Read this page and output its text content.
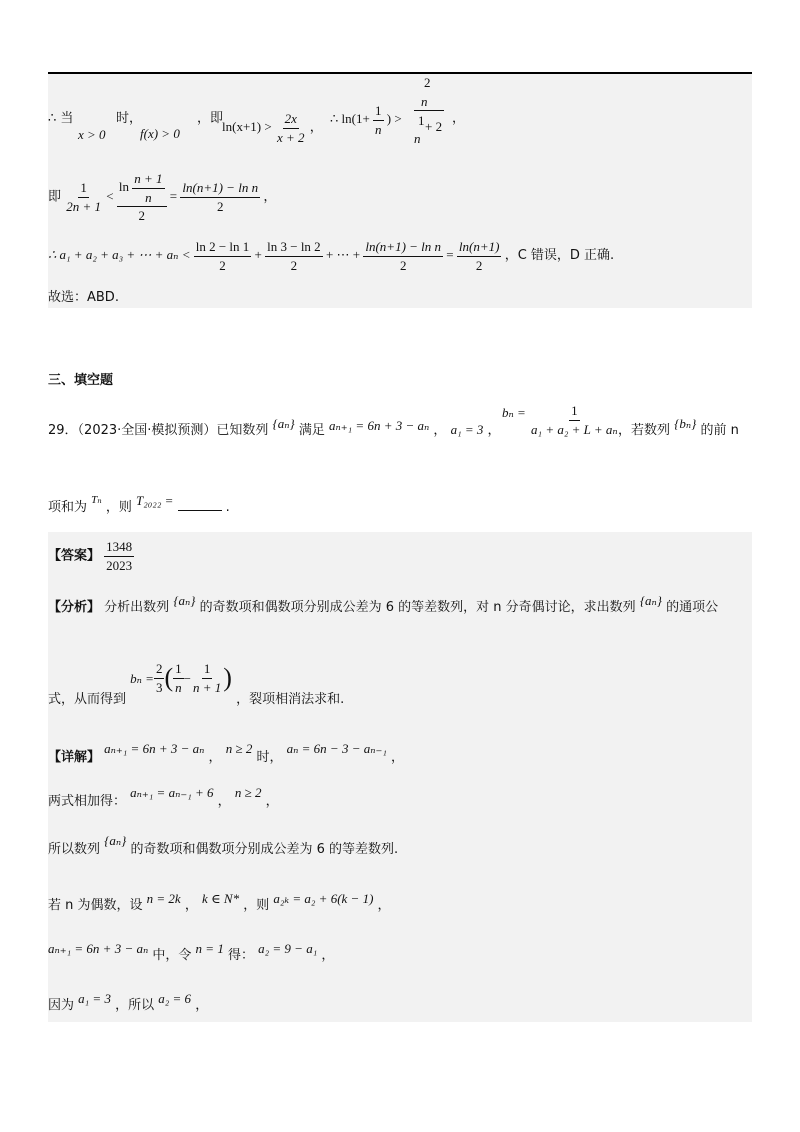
∴ 当
x > 0
时，
f(x) > 0
，即
$\ln(x+1) > \frac{2x}{x + 2}$ ，
∴ $\ln(1+ \frac{1}{n}$ ) >
2
n
1 + 2
n
，
即 $\frac{1}{2n + 1} < \frac{\ln \frac{n + 1}{n}}{2} = \frac{\text{ln(n+1) − ln n}}{2}$ ，
∴ a₁ + a₂ + a₃ + ⋯ + $a_n < \frac{\ln 2 - \ln 1}{2} + \frac{\ln 3 - \ln 2}{2}$ + ⋯ + $\frac{\text{ln(n+1) − ln n}}{2} = \frac{\ln(n+1)}{2}$ ，C 错误，D 正确.
故选：ABD.
三、填空题
29．（2023·全国·模拟预测）已知数列 {aₙ} 满足 aₙ₊₁ = 6n + 3 − aₙ ， a₁ = 3 ，
$b_n = \frac{1}{\text{a₁ + a₂ + L + aₙ}}$
，若数列 {bₙ} 的前 n
项和为 $^{T_n}$ ，则 T₂₀₂₂ =	.
【答案】 $\frac{1348}{2023}$
【分析】 分析出数列 {aₙ} 的奇数项和偶数项分别成公差为 6 的等差数列，对 n 分奇偶讨论，求出数列 {aₙ} 的通项公
式，从而得到
$b_n = \frac{2}{3}$ ( $\frac{1}{n} - \frac{1}{n + 1}$ )
，裂项相消法求和.
【详解】 aₙ₊₁ = 6n + 3 − aₙ ， n ≥ 2 时， aₙ = 6n − 3 − aₙ₋₁ ，
两式相加得： aₙ₊₁ = aₙ₋₁ + 6 ， n ≥ 2 ，
所以数列 {aₙ} 的奇数项和偶数项分别成公差为 6 的等差数列.
若 n 为偶数，设 n = 2k ， k ∈ N* ，则 a₂ₖ = a₂ + 6(k − 1) ，
aₙ₊₁ = 6n + 3 − aₙ 中，令 n = 1 得： a₂ = 9 − a₁ ，
因为 a₁ = 3 ，所以 a₂ = 6 ，
